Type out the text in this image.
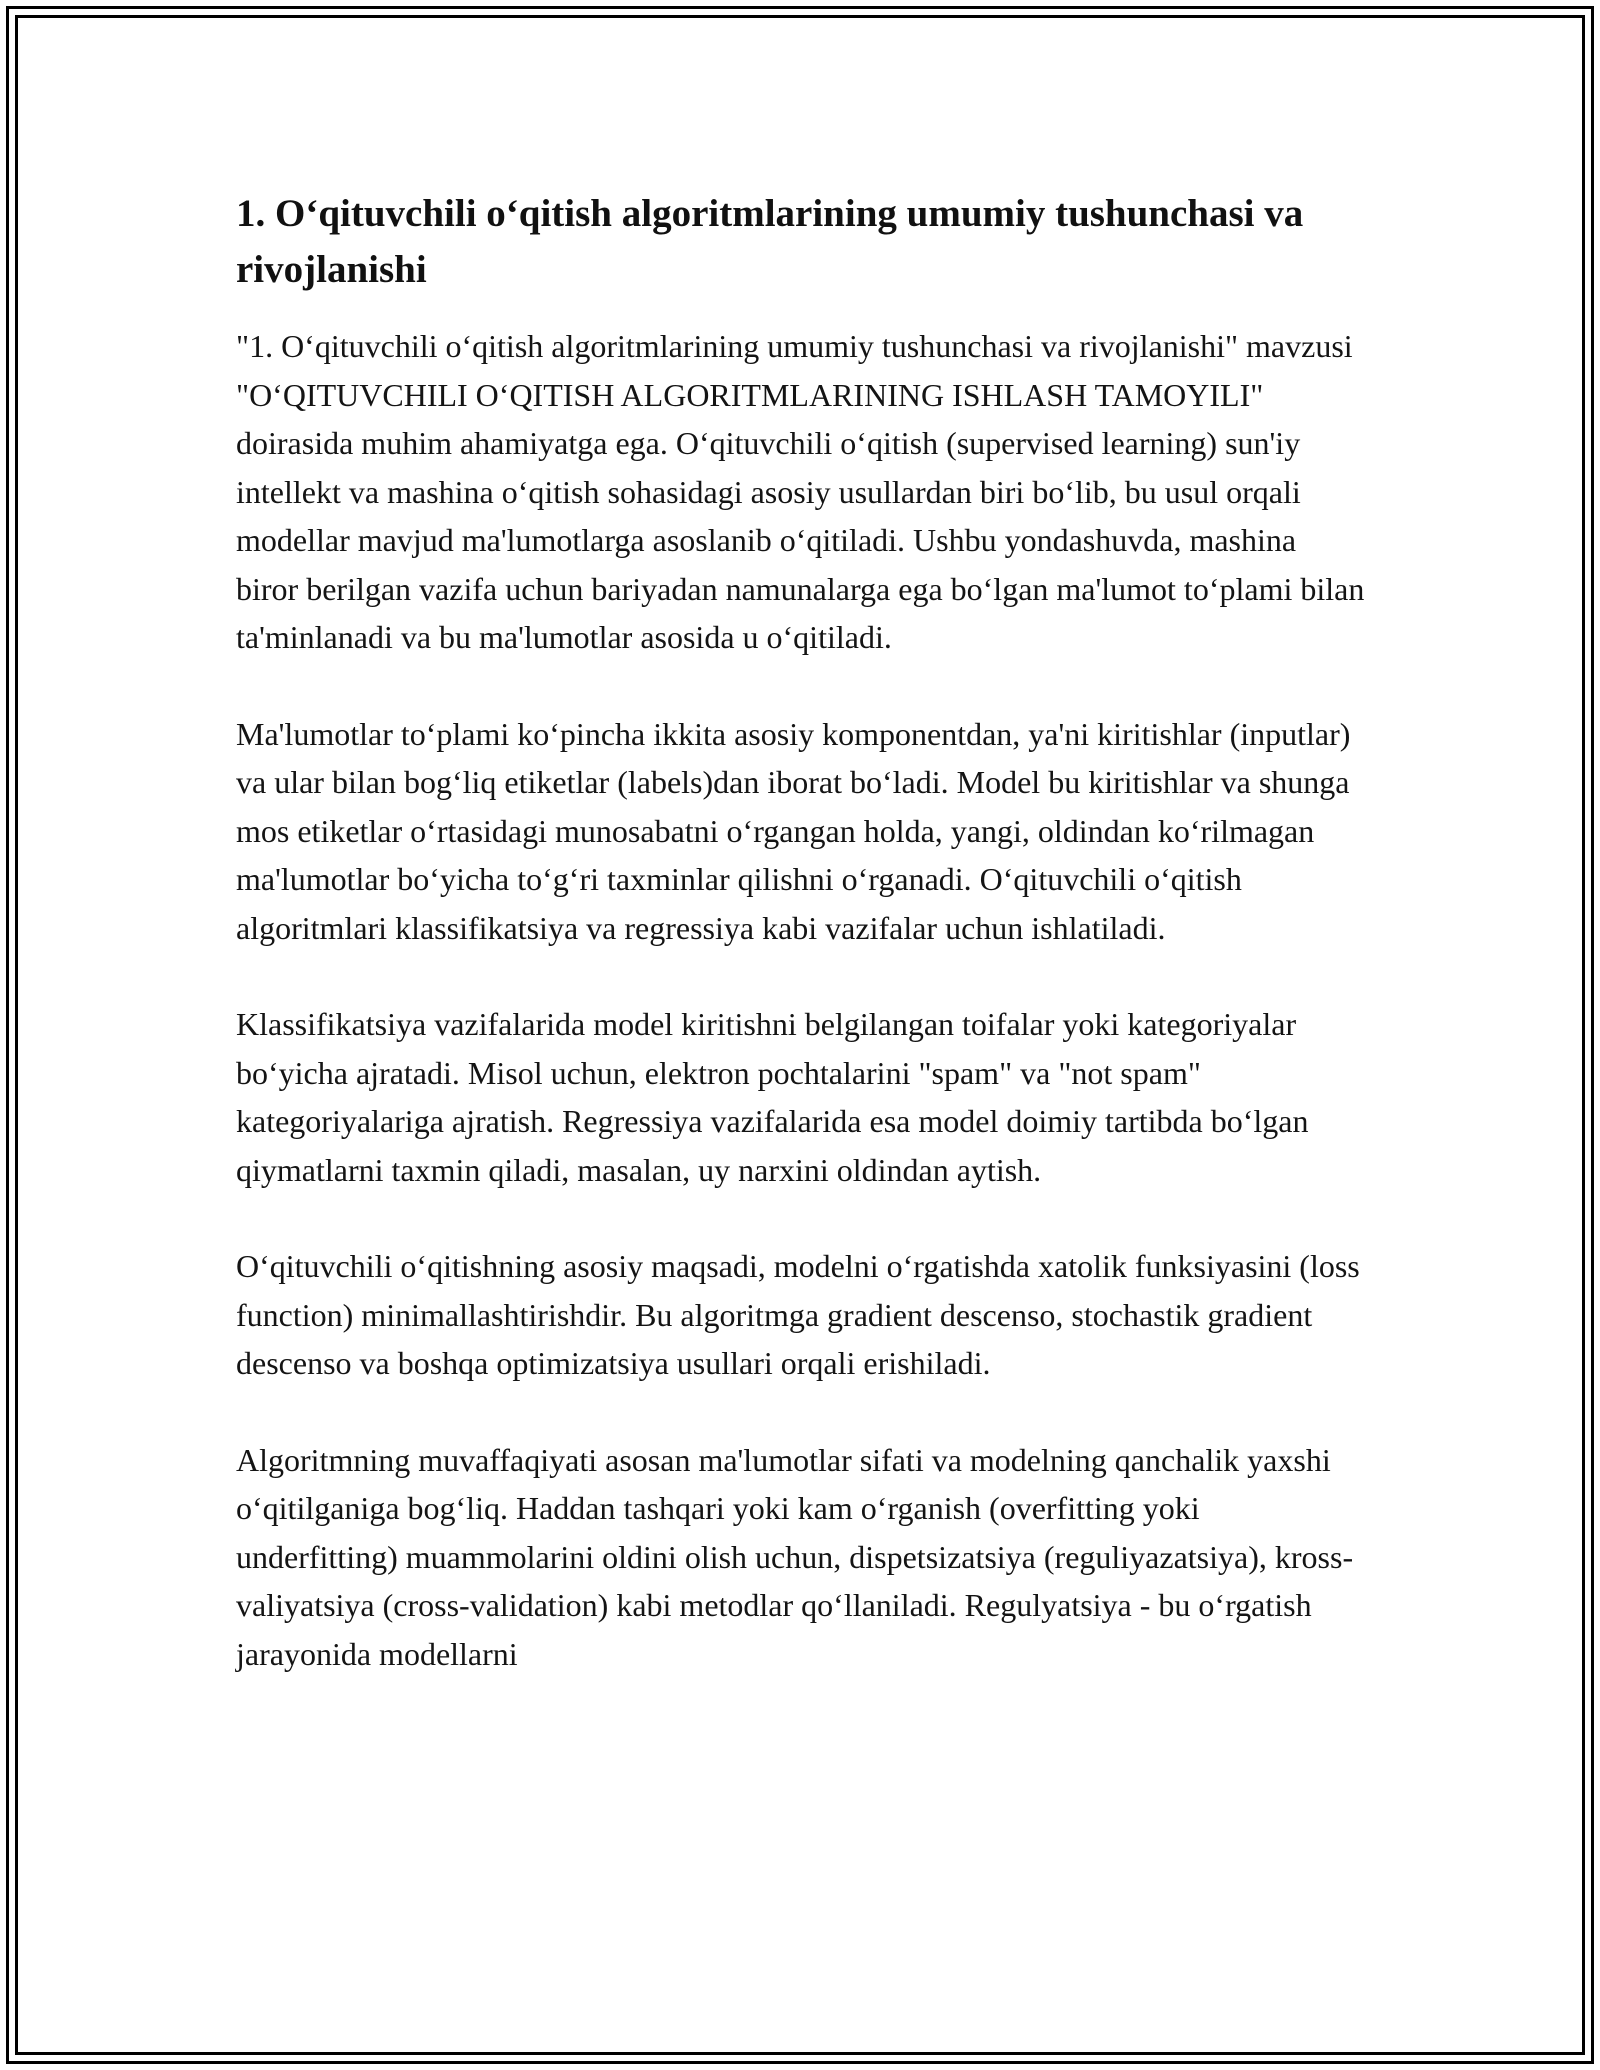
1. Oʻqituvchili oʻqitish algoritmlarining umumiy tushunchasi va rivojlanishi

"1. Oʻqituvchili oʻqitish algoritmlarining umumiy tushunchasi va rivojlanishi" mavzusi "OʻQITUVCHILI OʻQITISH ALGORITMLARINING ISHLASH TAMOYILI" doirasida muhim ahamiyatga ega. Oʻqituvchili oʻqitish (supervised learning) sun'iy intellekt va mashina oʻqitish sohasidagi asosiy usullardan biri boʻlib, bu usul orqali modellar mavjud ma'lumotlarga asoslanib oʻqitiladi. Ushbu yondashuvda, mashina biror berilgan vazifa uchun bariyadan namunalarga ega boʻlgan ma'lumot toʻplami bilan ta'minlanadi va bu ma'lumotlar asosida u oʻqitiladi.

Ma'lumotlar toʻplami koʻpincha ikkita asosiy komponentdan, ya'ni kiritishlar (inputlar) va ular bilan bogʻliq etiketlar (labels)dan iborat boʻladi. Model bu kiritishlar va shunga mos etiketlar oʻrtasidagi munosabatni oʻrgangan holda, yangi, oldindan koʻrilmagan ma'lumotlar boʻyicha toʻgʻri taxminlar qilishni oʻrganadi. Oʻqituvchili oʻqitish algoritmlari klassifikatsiya va regressiya kabi vazifalar uchun ishlatiladi.

Klassifikatsiya vazifalarida model kiritishni belgilangan toifalar yoki kategoriyalar boʻyicha ajratadi. Misol uchun, elektron pochtalarini "spam" va "not spam" kategoriyalariga ajratish. Regressiya vazifalarida esa model doimiy tartibda boʻlgan qiymatlarni taxmin qiladi, masalan, uy narxini oldindan aytish.

Oʻqituvchili oʻqitishning asosiy maqsadi, modelni oʻrgatishda xatolik funksiyasini (loss function) minimallashtirishdir. Bu algoritmga gradient descenso, stochastik gradient descenso va boshqa optimizatsiya usullari orqali erishiladi.

Algoritmning muvaffaqiyati asosan ma'lumotlar sifati va modelning qanchalik yaxshi oʻqitilganiga bogʻliq. Haddan tashqari yoki kam oʻrganish (overfitting yoki underfitting) muammolarini oldini olish uchun, dispetsizatsiya (reguliyazatsiya), kross-valiyatsiya (cross-validation) kabi metodlar qoʻllaniladi. Regulyatsiya - bu oʻrgatish jarayonida modellarni
